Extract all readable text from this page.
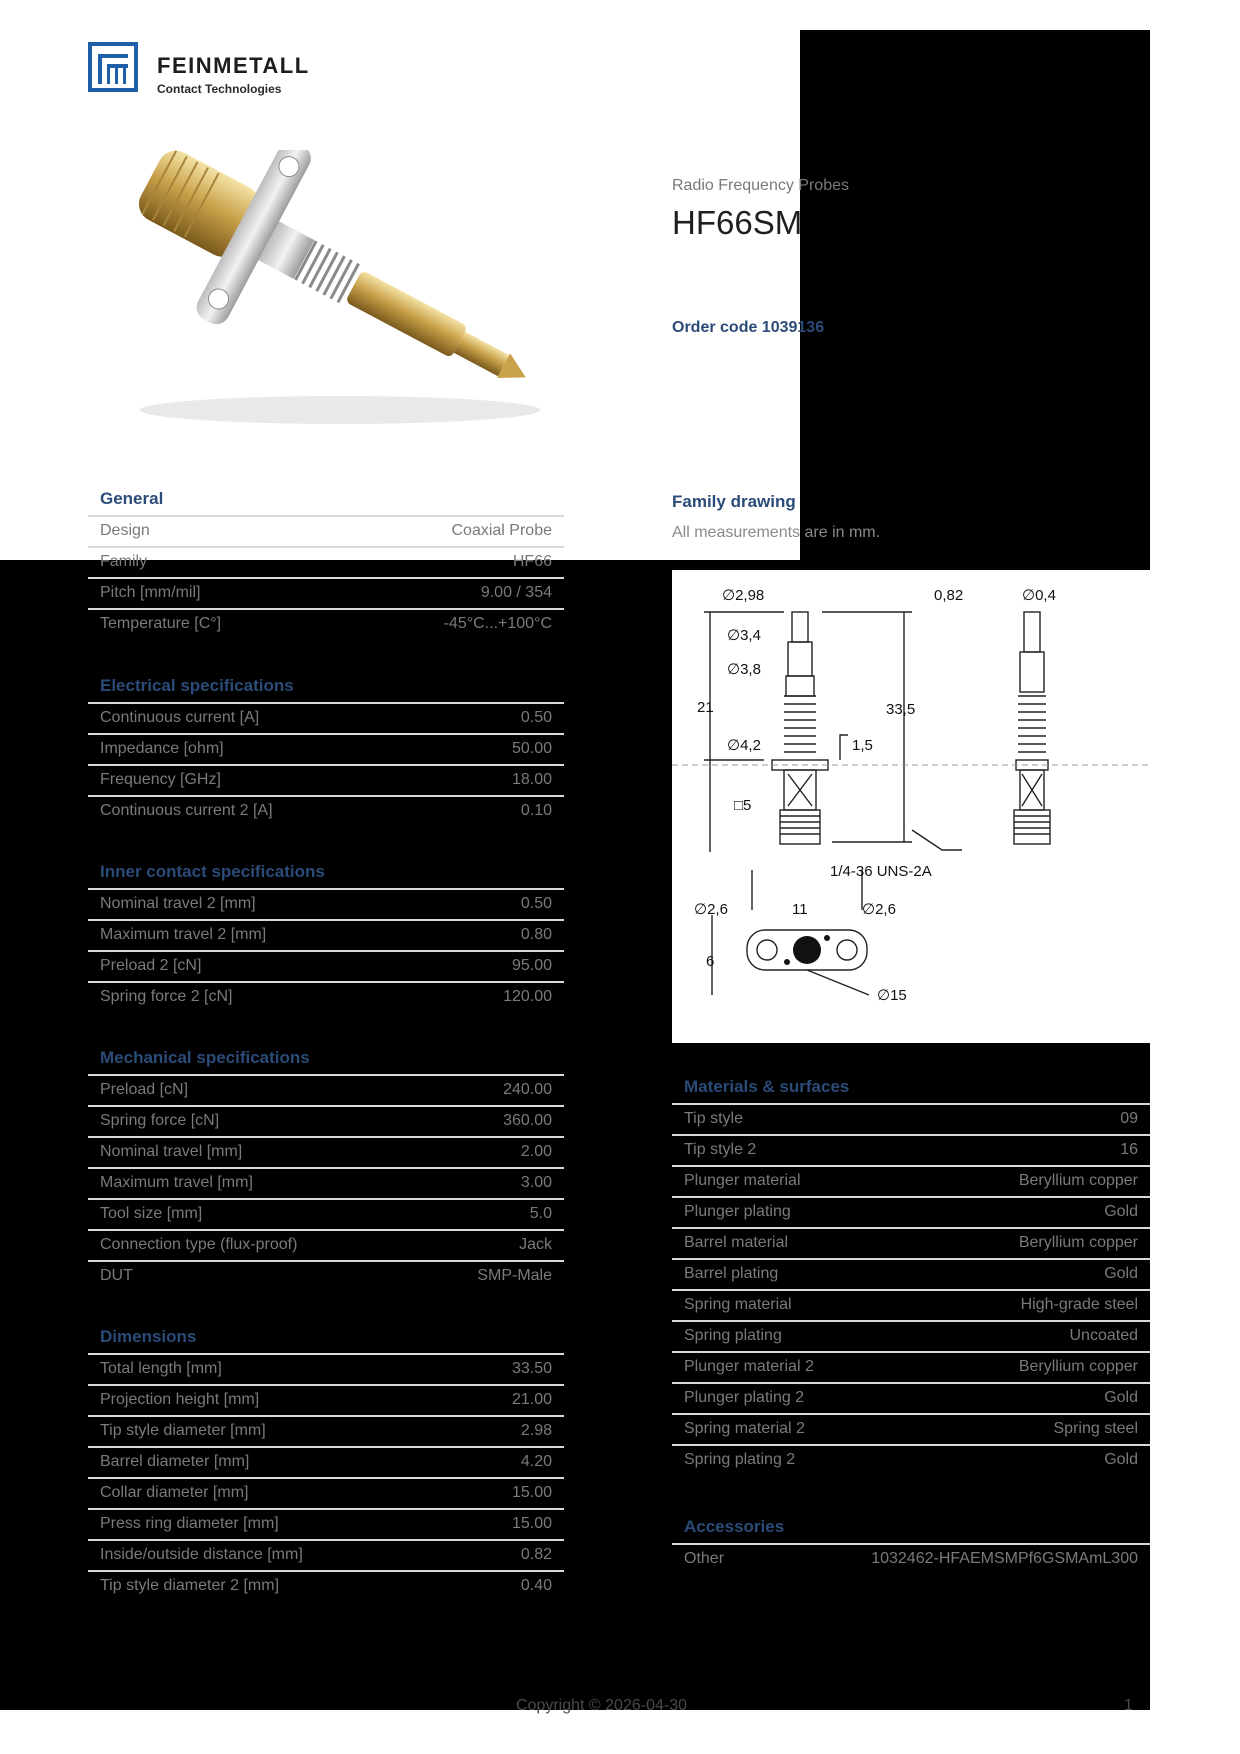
FEINMETALL
Contact Technologies
Radio Frequency Probes
HF66SM
Order code 1039136
Family drawing
All measurements are in mm.
∅2,98
∅3,4
∅3,8
21	33,5
∅4,2	1,5
□5
1/4-36 UNS-2A
0,82	∅0,4
∅2,6	11	∅2,6
6
∅15
General
Design	Coaxial Probe
Family	HF66
Pitch [mm/mil]	9.00 / 354
Temperature [C°]	-45°C...+100°C
Electrical specifications
Continuous current [A]	0.50
Impedance [ohm]	50.00
Frequency [GHz]	18.00
Continuous current 2 [A]	0.10
Inner contact specifications
Nominal travel 2 [mm]	0.50
Maximum travel 2 [mm]	0.80
Preload 2 [cN]	95.00
Spring force 2 [cN]	120.00
Mechanical specifications
Preload [cN]	240.00
Spring force [cN]	360.00
Nominal travel [mm]	2.00
Maximum travel [mm]	3.00
Tool size [mm]	5.0
Connection type (flux-proof)	Jack
DUT	SMP-Male
Dimensions
Total length [mm]	33.50
Projection height [mm]	21.00
Tip style diameter [mm]	2.98
Barrel diameter [mm]	4.20
Collar diameter [mm]	15.00
Press ring diameter [mm]	15.00
Inside/outside distance [mm]	0.82
Tip style diameter 2 [mm]	0.40
Materials & surfaces
Tip style	09
Tip style 2	16
Plunger material	Beryllium copper
Plunger plating	Gold
Barrel material	Beryllium copper
Barrel plating	Gold
Spring material	High-grade steel
Spring plating	Uncoated
Plunger material 2	Beryllium copper
Plunger plating 2	Gold
Spring material 2	Spring steel
Spring plating 2	Gold
Accessories
Other	1032462-HFAEMSMPf6GSMAmL300
Copyright © 2026-04-30	1
